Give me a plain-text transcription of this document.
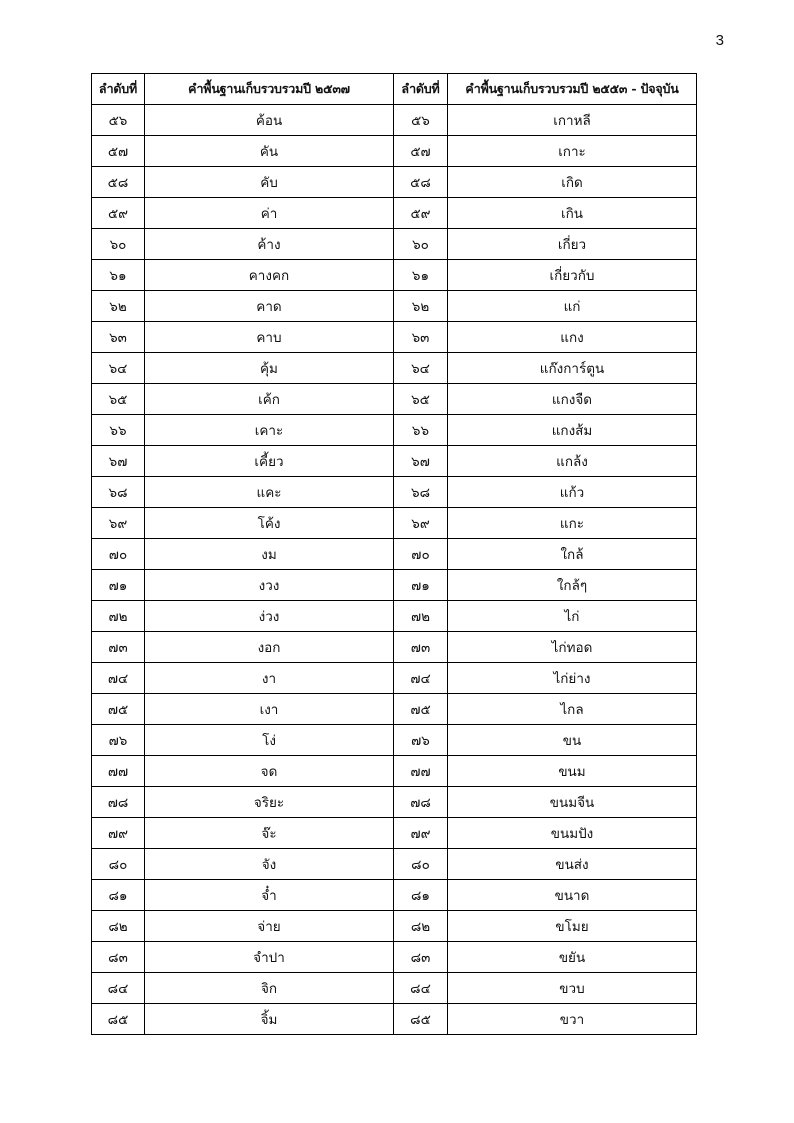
3
ลำดับที่	คำพื้นฐานเก็บรวบรวมปี ๒๕๓๗	ลำดับที่	คำพื้นฐานเก็บรวบรวมปี ๒๕๕๓ - ปัจจุบัน
๕๖	ค้อน	๕๖	เกาหลี
๕๗	คัน	๕๗	เกาะ
๕๘	คับ	๕๘	เกิด
๕๙	ค่า	๕๙	เกิน
๖๐	ค้าง	๖๐	เกี่ยว
๖๑	คางคก	๖๑	เกี่ยวกับ
๖๒	คาด	๖๒	แก่
๖๓	คาบ	๖๓	แกง
๖๔	คุ้ม	๖๔	แก๊งการ์ตูน
๖๕	เค้ก	๖๕	แกงจืด
๖๖	เคาะ	๖๖	แกงส้ม
๖๗	เคี้ยว	๖๗	แกล้ง
๖๘	แคะ	๖๘	แก้ว
๖๙	โค้ง	๖๙	แกะ
๗๐	งม	๗๐	ใกล้
๗๑	งวง	๗๑	ใกล้ๆ
๗๒	ง่วง	๗๒	ไก่
๗๓	งอก	๗๓	ไก่ทอด
๗๔	งา	๗๔	ไก่ย่าง
๗๕	เงา	๗๕	ไกล
๗๖	โง่	๗๖	ขน
๗๗	จด	๗๗	ขนม
๗๘	จริยะ	๗๘	ขนมจีน
๗๙	จ๊ะ	๗๙	ขนมปัง
๘๐	จัง	๘๐	ขนส่ง
๘๑	จ๋ำ	๘๑	ขนาด
๘๒	จ่าย	๘๒	ขโมย
๘๓	จำปา	๘๓	ขยัน
๘๔	จิก	๘๔	ขวบ
๘๕	จิ้ม	๘๕	ขวา
